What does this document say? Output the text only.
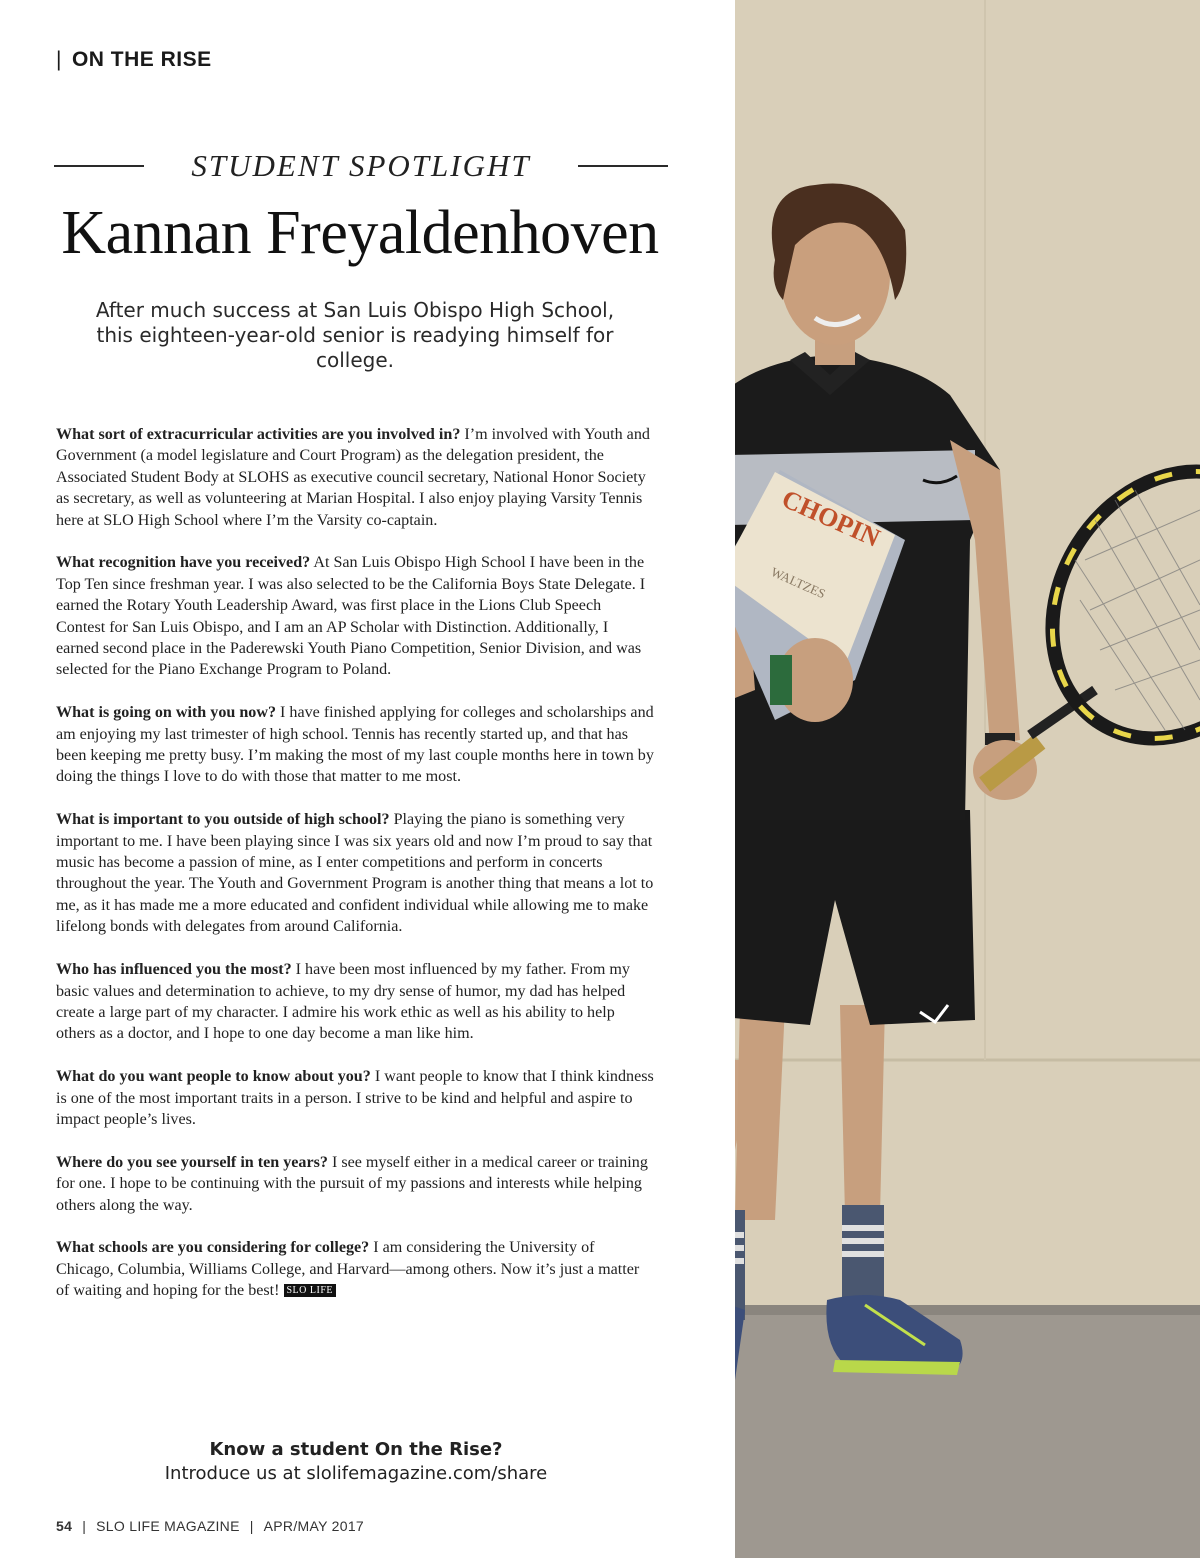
| ON THE RISE
STUDENT SPOTLIGHT
Kannan Freyaldenhoven
After much success at San Luis Obispo High School, this eighteen-year-old senior is readying himself for college.

What sort of extracurricular activities are you involved in? I’m involved with Youth and Government (a model legislature and Court Program) as the delegation president, the Associated Student Body at SLOHS as executive council secretary, National Honor Society as secretary, as well as volunteering at Marian Hospital. I also enjoy playing Varsity Tennis here at SLO High School where I’m the Varsity co-captain.

What recognition have you received? At San Luis Obispo High School I have been in the Top Ten since freshman year. I was also selected to be the California Boys State Delegate. I earned the Rotary Youth Leadership Award, was first place in the Lions Club Speech Contest for San Luis Obispo, and I am an AP Scholar with Distinction. Additionally, I earned second place in the Paderewski Youth Piano Competition, Senior Division, and was selected for the Piano Exchange Program to Poland.

What is going on with you now? I have finished applying for colleges and scholarships and am enjoying my last trimester of high school. Tennis has recently started up, and that has been keeping me pretty busy. I’m making the most of my last couple months here in town by doing the things I love to do with those that matter to me most.

What is important to you outside of high school? Playing the piano is something very important to me. I have been playing since I was six years old and now I’m proud to say that music has become a passion of mine, as I enter competitions and perform in concerts throughout the year. The Youth and Government Program is another thing that means a lot to me, as it has made me a more educated and confident individual while allowing me to make lifelong bonds with delegates from around California.

Who has influenced you the most? I have been most influenced by my father. From my basic values and determination to achieve, to my dry sense of humor, my dad has helped create a large part of my character. I admire his work ethic as well as his ability to help others as a doctor, and I hope to one day become a man like him.

What do you want people to know about you? I want people to know that I think kindness is one of the most important traits in a person. I strive to be kind and helpful and aspire to impact people’s lives.

Where do you see yourself in ten years? I see myself either in a medical career or training for one. I hope to be continuing with the pursuit of my passions and interests while helping others along the way.

What schools are you considering for college? I am considering the University of Chicago, Columbia, Williams College, and Harvard—among others. Now it’s just a matter of waiting and hoping for the best! SLO LIFE

Know a student On the Rise?
Introduce us at slolifemagazine.com/share
54 | SLO LIFE MAGAZINE | APR/MAY 2017
CHOPIN
WALTZES
